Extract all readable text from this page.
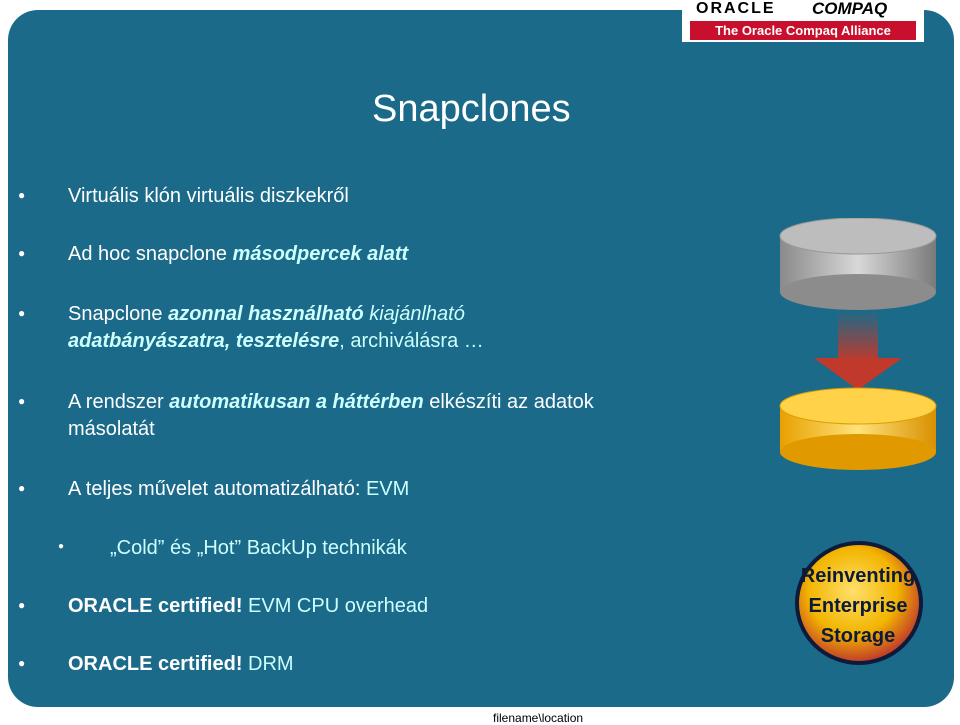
ORACLE COMPAQ
The Oracle Compaq Alliance
Snapclones
● Virtuális klón virtuális diszkekről
● Ad hoc snapclone másodpercek alatt
● Snapclone azonnal használható kiajánlható
adatbányászatra, tesztelésre, archiválásra …
● A rendszer automatikusan a háttérben elkészíti az adatok
másolatát
● A teljes művelet automatizálható: EVM
● „Cold” és „Hot” BackUp technikák
● ORACLE certified! EVM CPU overhead
● ORACLE certified! DRM
Reinventing
Enterprise
Storage
filename\location
